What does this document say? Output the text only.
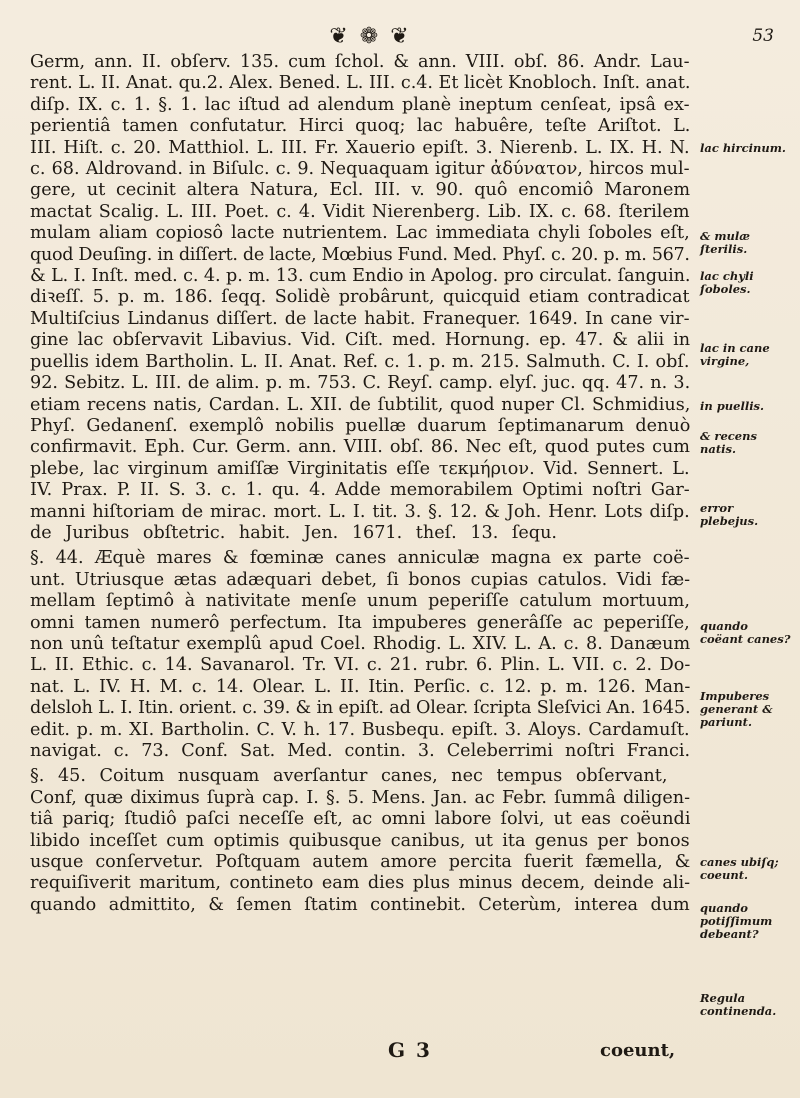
❦ ❁ ❦	53
Germ, ann. II. obſerv. 135. cum ſchol. & ann. VIII. obſ. 86. Andr. Lau-
rent. L. II. Anat. qu.2. Alex. Bened. L. III. c.4. Et licèt Knobloch. Inſt. anat.
diſp. IX. c. 1. §. 1. lac iſtud ad alendum planè ineptum cenſeat, ipsâ ex-
perientiâ tamen confutatur. Hirci quoq; lac habuêre, teſte Ariſtot. L.
III. Hiſt. c. 20. Matthiol. L. III. Fr. Xauerio epiſt. 3. Nierenb. L. IX. H. N.
c. 68. Aldrovand. in Biſulc. c. 9. Nequaquam igitur ἀδύνατον, hircos mul-
gere, ut cecinit altera Natura, Ecl. III. v. 90. quô encomiô Maronem
mactat Scalig. L. III. Poet. c. 4. Vidit Nierenberg. Lib. IX. c. 68. ſterilem
mulam aliam copiosô lacte nutrientem. Lac immediata chyli ſoboles eſt,
quod Deuſing. in diſſert. de lacte, Mœbius Fund. Med. Phyſ. c. 20. p. m. 567.
& L. I. Inſt. med. c. 4. p. m. 13. cum Endio in Apolog. pro circulat. ſanguin.
diꝛeſſ. 5. p. m. 186. ſeqq. Solidè probârunt, quicquid etiam contradicat
Multiſcius Lindanus diſſert. de lacte habit. Franequer. 1649. In cane vir-
gine lac obſervavit Libavius. Vid. Ciſt. med. Hornung. ep. 47. & alii in
puellis idem Bartholin. L. II. Anat. Ref. c. 1. p. m. 215. Salmuth. C. I. obſ.
92. Sebitz. L. III. de alim. p. m. 753. C. Reyſ. camp. elyſ. juc. qq. 47. n. 3.
etiam recens natis, Cardan. L. XII. de ſubtilit, quod nuper Cl. Schmidius,
Phyſ. Gedanenſ. exemplô nobilis puellæ duarum ſeptimanarum denuò
confirmavit. Eph. Cur. Germ. ann. VIII. obſ. 86. Nec eſt, quod putes cum
plebe, lac virginum amiſſæ Virginitatis eſſe τεκμήριον. Vid. Sennert. L.
IV. Prax. P. II. S. 3. c. 1. qu. 4. Adde memorabilem Optimi noſtri Gar-
manni hiſtoriam de mirac. mort. L. I. tit. 3. §. 12. & Joh. Henr. Lots diſp.
de Juribus obſtetric. habit. Jen. 1671. theſ. 13. ſequ.
§. 44. Æquè mares & fœminæ canes anniculæ magna ex parte coë-
unt. Utriusque ætas adæquari debet, ſi bonos cupias catulos. Vidi fæ-
mellam ſeptimô à nativitate menſe unum peperiſſe catulum mortuum,
omni tamen numerô perfectum. Ita impuberes generâſſe ac peperiſſe,
non unû teſtatur exemplû apud Coel. Rhodig. L. XIV. L. A. c. 8. Danæum
L. II. Ethic. c. 14. Savanarol. Tr. VI. c. 21. rubr. 6. Plin. L. VII. c. 2. Do-
nat. L. IV. H. M. c. 14. Olear. L. II. Itin. Perſic. c. 12. p. m. 126. Man-
delsloh L. I. Itin. orient. c. 39. & in epiſt. ad Olear. ſcripta Sleſvici An. 1645.
edit. p. m. XI. Bartholin. C. V. h. 17. Busbequ. epiſt. 3. Aloys. Cardamuſt.
navigat. c. 73. Conf. Sat. Med. contin. 3. Celeberrimi noſtri Franci.
§. 45. Coitum nusquam averſantur canes, nec tempus obſervant,
Conf, quæ diximus ſuprà cap. I. §. 5. Mens. Jan. ac Febr. ſummâ diligen-
tiâ pariq; ſtudiô paſci neceſſe eſt, ac omni labore ſolvi, ut eas coëundi
libido inceſſet cum optimis quibusque canibus, ut ita genus per bonos
usque conſervetur. Poſtquam autem amore percita fuerit fæmella, &
requiſiverit maritum, contineto eam dies plus minus decem, deinde ali-
quando admittito, & ſemen ſtatim continebit. Ceterùm, interea dum
lac hircinum.
& mulæ ſterilis.
lac chyli ſoboles.
lac in cane virgine,
in puellis.
& recens natis.
error plebejus.
quando coëant canes?
Impuberes generant & pariunt.
canes ubiſq; coeunt.
quando potiſſimum debeant?
Regula continenda.
G 3	coeunt,
